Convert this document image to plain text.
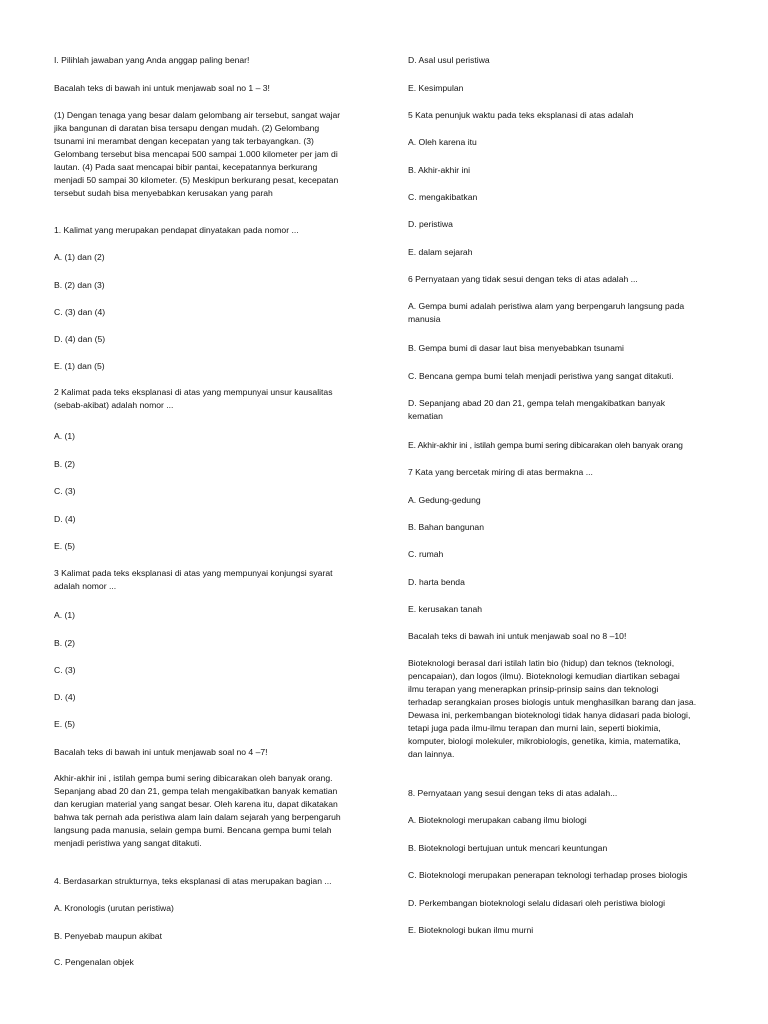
I. Pilihlah jawaban yang Anda anggap paling benar!
Bacalah teks di bawah ini untuk menjawab soal no 1 – 3!
(1) Dengan tenaga yang besar dalam gelombang air tersebut, sangat wajar
jika bangunan di daratan bisa tersapu dengan mudah. (2) Gelombang
tsunami ini merambat dengan kecepatan yang tak terbayangkan. (3)
Gelombang tersebut bisa mencapai 500 sampai 1.000 kilometer per jam di
lautan. (4) Pada saat mencapai bibir pantai, kecepatannya berkurang
menjadi 50 sampai 30 kilometer. (5) Meskipun berkurang pesat, kecepatan
tersebut sudah bisa menyebabkan kerusakan yang parah
1. Kalimat yang merupakan pendapat dinyatakan pada nomor ...
A. (1) dan (2)
B. (2) dan (3)
C. (3) dan (4)
D. (4) dan (5)
E. (1) dan (5)
2 Kalimat pada teks eksplanasi di atas yang mempunyai unsur kausalitas
(sebab-akibat) adalah nomor ...
A. (1)
B. (2)
C. (3)
D. (4)
E. (5)
3 Kalimat pada teks eksplanasi di atas yang mempunyai konjungsi syarat
adalah nomor ...
A. (1)
B. (2)
C. (3)
D. (4)
E. (5)
Bacalah teks di bawah ini untuk menjawab soal no 4 –7!
Akhir-akhir ini , istilah gempa bumi sering dibicarakan oleh banyak orang.
Sepanjang abad 20 dan 21, gempa telah mengakibatkan banyak kematian
dan kerugian material yang sangat besar. Oleh karena itu, dapat dikatakan
bahwa tak pernah ada peristiwa alam lain dalam sejarah yang berpengaruh
langsung pada manusia, selain gempa bumi. Bencana gempa bumi telah
menjadi peristiwa yang sangat ditakuti.
4. Berdasarkan strukturnya, teks eksplanasi di atas merupakan bagian ...
A. Kronologis (urutan peristiwa)
B. Penyebab maupun akibat
C. Pengenalan objek
D. Asal usul peristiwa
E. Kesimpulan
5 Kata penunjuk waktu pada teks eksplanasi di atas adalah
A. Oleh karena itu
B. Akhir-akhir ini
C. mengakibatkan
D. peristiwa
E. dalam sejarah
6 Pernyataan yang tidak sesui dengan teks di atas adalah ...
A. Gempa bumi adalah peristiwa alam yang berpengaruh langsung pada
manusia
B. Gempa bumi di dasar laut bisa menyebabkan tsunami
C. Bencana gempa bumi telah menjadi peristiwa yang sangat ditakuti.
D. Sepanjang abad 20 dan 21, gempa telah mengakibatkan banyak
kematian
E. Akhir-akhir ini , istilah gempa bumi sering dibicarakan oleh banyak orang
7 Kata yang bercetak miring di atas bermakna ...
A. Gedung-gedung
B. Bahan bangunan
C. rumah
D. harta benda
E. kerusakan tanah
Bacalah teks di bawah ini untuk menjawab soal no 8 –10!
Bioteknologi berasal dari istilah latin bio (hidup) dan teknos (teknologi,
pencapaian), dan logos (ilmu). Bioteknologi kemudian diartikan sebagai
ilmu terapan yang menerapkan prinsip-prinsip sains dan teknologi
terhadap serangkaian proses biologis untuk menghasilkan barang dan jasa.
Dewasa ini, perkembangan bioteknologi tidak hanya didasari pada biologi,
tetapi juga pada ilmu-ilmu terapan dan murni lain, seperti biokimia,
komputer, biologi molekuler, mikrobiologis, genetika, kimia, matematika,
dan lainnya.
8. Pernyataan yang sesui dengan teks di atas adalah...
A. Bioteknologi merupakan cabang ilmu biologi
B. Bioteknologi bertujuan untuk mencari keuntungan
C. Bioteknologi merupakan penerapan teknologi terhadap proses biologis
D. Perkembangan bioteknologi selalu didasari oleh peristiwa biologi
E. Bioteknologi bukan ilmu murni
